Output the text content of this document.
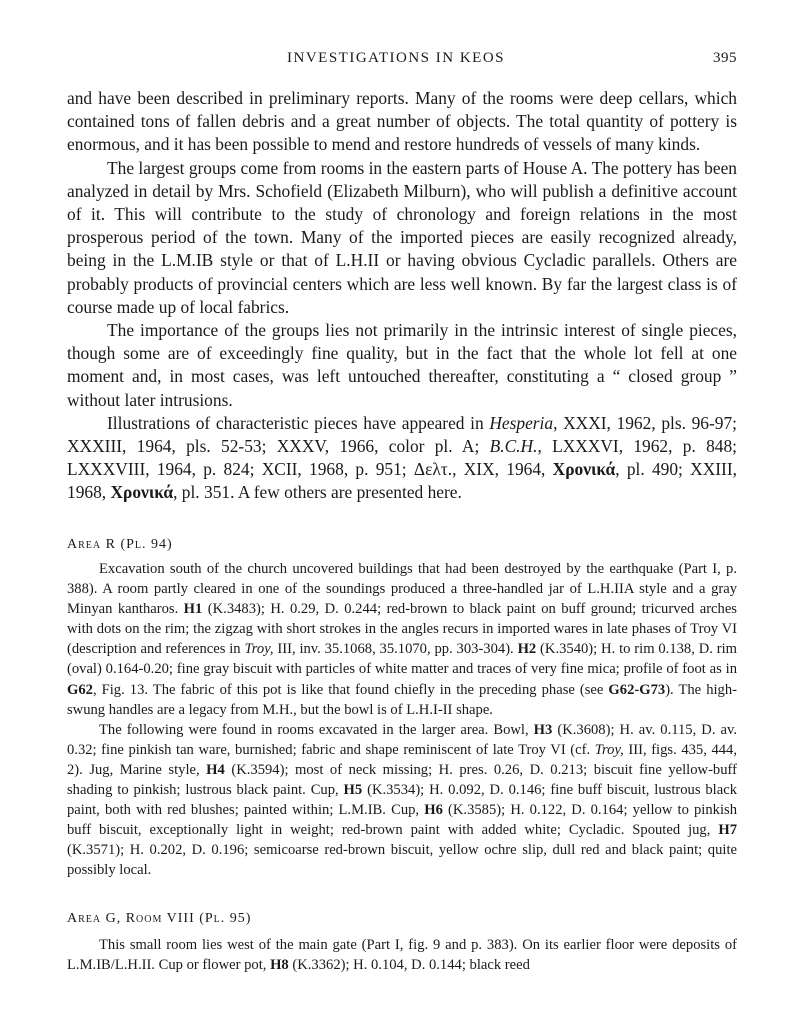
INVESTIGATIONS IN KEOS	395

and have been described in preliminary reports. Many of the rooms were deep cellars, which contained tons of fallen debris and a great number of objects. The total quantity of pottery is enormous, and it has been possible to mend and restore hundreds of vessels of many kinds.

The largest groups come from rooms in the eastern parts of House A. The pottery has been analyzed in detail by Mrs. Schofield (Elizabeth Milburn), who will publish a definitive account of it. This will contribute to the study of chronology and foreign relations in the most prosperous period of the town. Many of the imported pieces are easily recognized already, being in the L.M.IB style or that of L.H.II or having obvious Cycladic parallels. Others are probably products of provincial centers which are less well known. By far the largest class is of course made up of local fabrics.

The importance of the groups lies not primarily in the intrinsic interest of single pieces, though some are of exceedingly fine quality, but in the fact that the whole lot fell at one moment and, in most cases, was left untouched thereafter, constituting a “ closed group ” without later intrusions.

Illustrations of characteristic pieces have appeared in Hesperia, XXXI, 1962, pls. 96-97; XXXIII, 1964, pls. 52-53; XXXV, 1966, color pl. A; B.C.H., LXXXVI, 1962, p. 848; LXXXVIII, 1964, p. 824; XCII, 1968, p. 951; Δελτ., XIX, 1964, Χρονικά, pl. 490; XXIII, 1968, Χρονικά, pl. 351. A few others are presented here.

Area R (Pl. 94)

Excavation south of the church uncovered buildings that had been destroyed by the earthquake (Part I, p. 388). A room partly cleared in one of the soundings produced a three-handled jar of L.H.IIA style and a gray Minyan kantharos. H1 (K.3483); H. 0.29, D. 0.244; red-brown to black paint on buff ground; tricurved arches with dots on the rim; the zigzag with short strokes in the angles recurs in imported wares in late phases of Troy VI (description and references in Troy, III, inv. 35.1068, 35.1070, pp. 303-304). H2 (K.3540); H. to rim 0.138, D. rim (oval) 0.164-0.20; fine gray biscuit with particles of white matter and traces of very fine mica; profile of foot as in G62, Fig. 13. The fabric of this pot is like that found chiefly in the preceding phase (see G62-G73). The high-swung handles are a legacy from M.H., but the bowl is of L.H.I-II shape.

The following were found in rooms excavated in the larger area. Bowl, H3 (K.3608); H. av. 0.115, D. av. 0.32; fine pinkish tan ware, burnished; fabric and shape reminiscent of late Troy VI (cf. Troy, III, figs. 435, 444, 2). Jug, Marine style, H4 (K.3594); most of neck missing; H. pres. 0.26, D. 0.213; biscuit fine yellow-buff shading to pinkish; lustrous black paint. Cup, H5 (K.3534); H. 0.092, D. 0.146; fine buff biscuit, lustrous black paint, both with red blushes; painted within; L.M.IB. Cup, H6 (K.3585); H. 0.122, D. 0.164; yellow to pinkish buff biscuit, exceptionally light in weight; red-brown paint with added white; Cycladic. Spouted jug, H7 (K.3571); H. 0.202, D. 0.196; semicoarse red-brown biscuit, yellow ochre slip, dull red and black paint; quite possibly local.

Area G, Room VIII (Pl. 95)

This small room lies west of the main gate (Part I, fig. 9 and p. 383). On its earlier floor were deposits of L.M.IB/L.H.II. Cup or flower pot, H8 (K.3362); H. 0.104, D. 0.144; black reed
